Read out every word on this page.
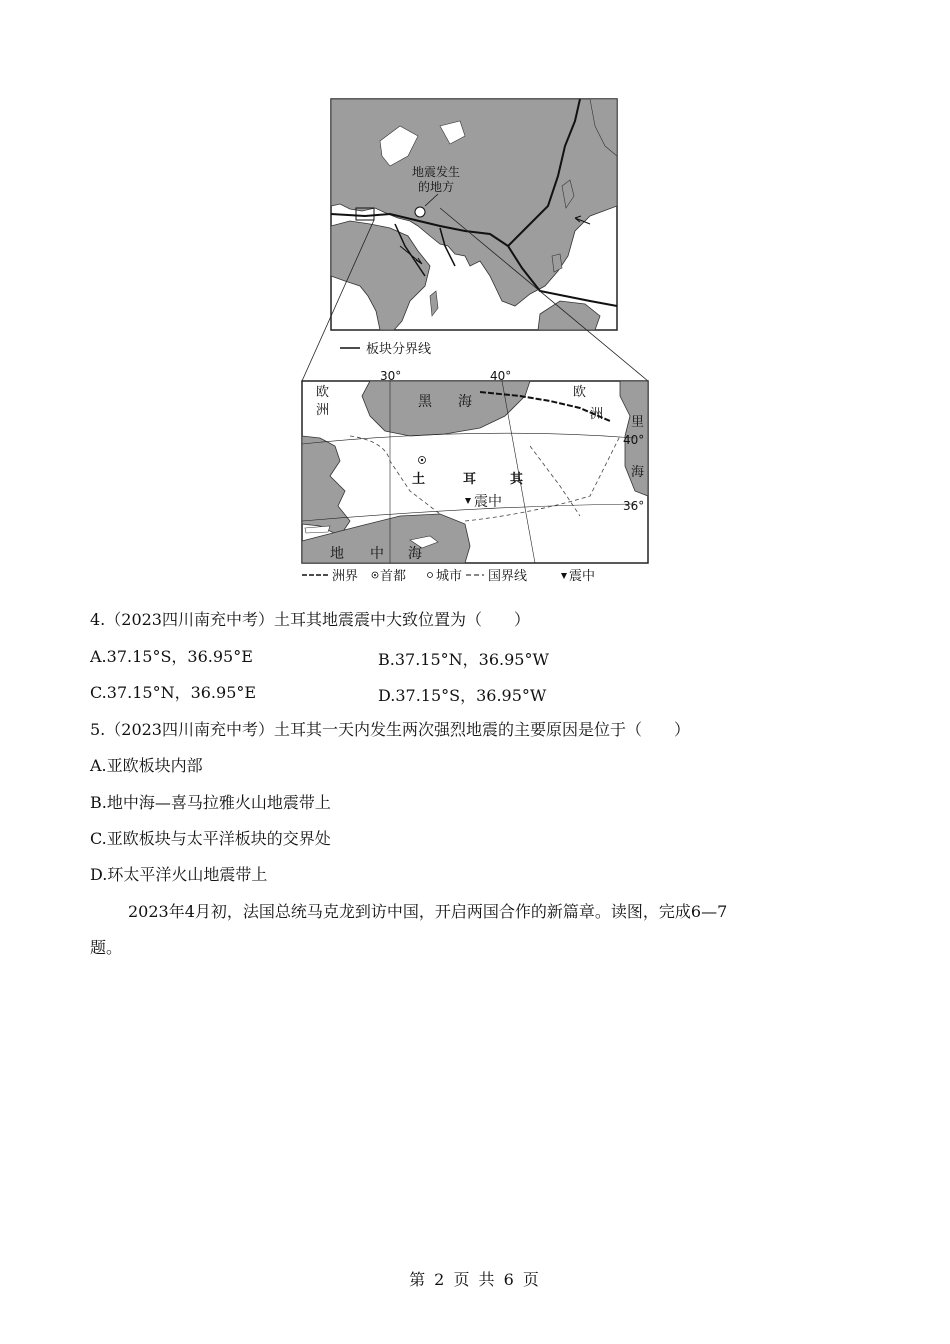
地震发生
的地方
板块分界线
30°	40°
40°
36°
欧
洲
欧
洲
黑 海
里
海
土	耳	其
震中
地 中 海
洲界 首都 城市 国界线	震中
4.（2023四川南充中考）土耳其地震震中大致位置为（　　）
A.37.15°S，36.95°E	B.37.15°N，36.95°W
C.37.15°N，36.95°E	D.37.15°S，36.95°W
5.（2023四川南充中考）土耳其一天内发生两次强烈地震的主要原因是位于（　　）
A.亚欧板块内部
B.地中海—喜马拉雅火山地震带上
C.亚欧板块与太平洋板块的交界处
D.环太平洋火山地震带上
2023年4月初，法国总统马克龙到访中国，开启两国合作的新篇章。读图，完成6—7
题。
第 2 页 共 6 页
